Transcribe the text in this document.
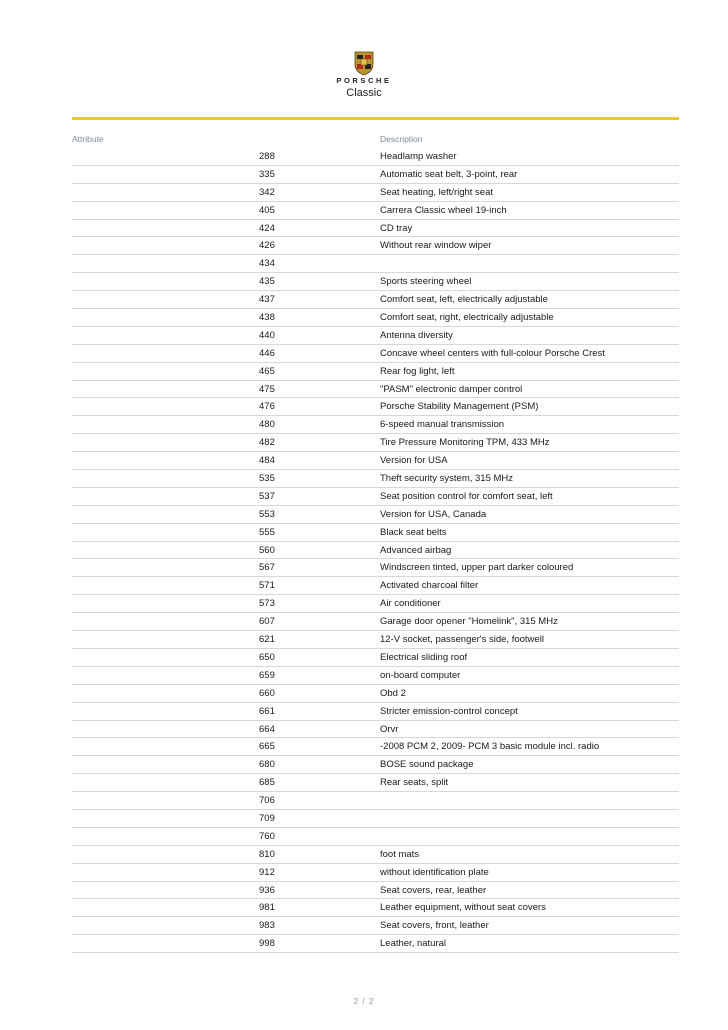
PORSCHE
Classic
Attribute	Description
288	Headlamp washer
335	Automatic seat belt, 3-point, rear
342	Seat heating, left/right seat
405	Carrera Classic wheel 19-inch
424	CD tray
426	Without rear window wiper
434
435	Sports steering wheel
437	Comfort seat, left, electrically adjustable
438	Comfort seat, right, electrically adjustable
440	Antenna diversity
446	Concave wheel centers with full-colour Porsche Crest
465	Rear fog light, left
475	"PASM" electronic damper control
476	Porsche Stability Management (PSM)
480	6-speed manual transmission
482	Tire Pressure Monitoring TPM, 433 MHz
484	Version for USA
535	Theft security system, 315 MHz
537	Seat position control for comfort seat, left
553	Version for USA, Canada
555	Black seat belts
560	Advanced airbag
567	Windscreen tinted, upper part darker coloured
571	Activated charcoal filter
573	Air conditioner
607	Garage door opener "Homelink", 315 MHz
621	12-V socket, passenger's side, footwell
650	Electrical sliding roof
659	on-board computer
660	Obd 2
661	Stricter emission-control concept
664	Orvr
665	-2008 PCM 2, 2009- PCM 3 basic module incl. radio
680	BOSE sound package
685	Rear seats, split
706
709
760
810	foot mats
912	without identification plate
936	Seat covers, rear, leather
981	Leather equipment, without seat covers
983	Seat covers, front, leather
998	Leather, natural
2 / 2
